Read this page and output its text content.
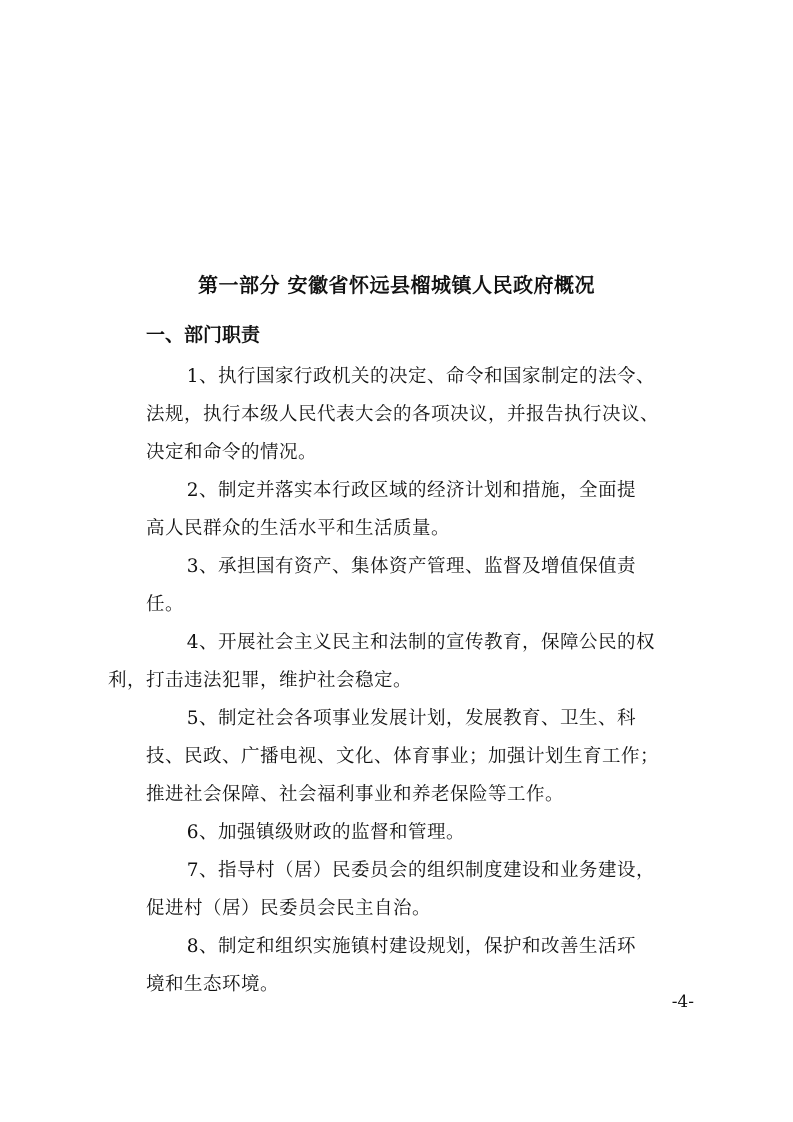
第一部分 安徽省怀远县榴城镇人民政府概况
一、部门职责

1、执行国家行政机关的决定、命令和国家制定的法令、
法规，执行本级人民代表大会的各项决议，并报告执行决议、
决定和命令的情况。

2、制定并落实本行政区域的经济计划和措施，全面提
高人民群众的生活水平和生活质量。

3、承担国有资产、集体资产管理、监督及增值保值责
任。

4、开展社会主义民主和法制的宣传教育，保障公民的权
利，打击违法犯罪，维护社会稳定。

5、制定社会各项事业发展计划，发展教育、卫生、科
技、民政、广播电视、文化、体育事业；加强计划生育工作；
推进社会保障、社会福利事业和养老保险等工作。

6、加强镇级财政的监督和管理。

7、指导村（居）民委员会的组织制度建设和业务建设，
促进村（居）民委员会民主自治。

8、制定和组织实施镇村建设规划，保护和改善生活环
境和生态环境。

-4-
